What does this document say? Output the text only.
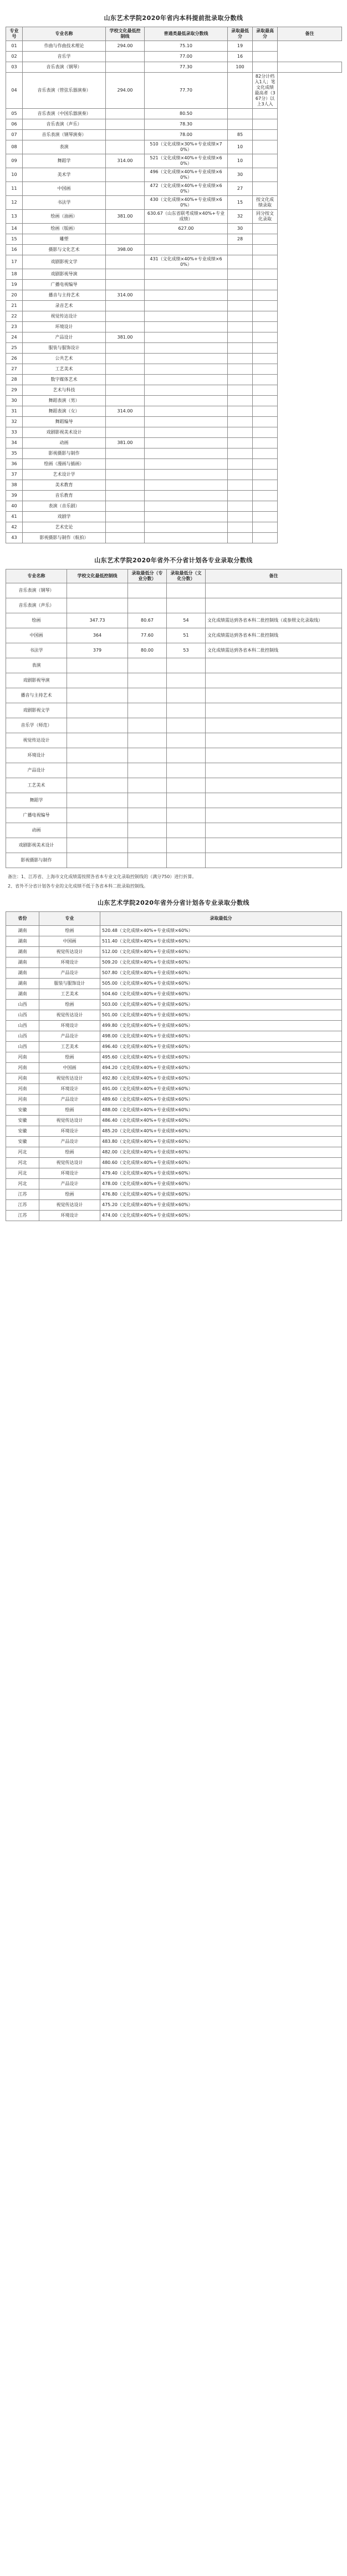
山东艺术学院2020年省内本科提前批录取分数线
专业号	专业名称	学校文化最低控制线	普通类最低录取分数线	录取最低分	录取最高分	备注
01	作曲与作曲技术理论	294.00	75.10	19		
02	音乐学		77.00	16		
03	音乐表演（钢琴）		77.30	100		
04	音乐表演（管弦乐器演奏）	294.00	77.70		82分计档入1人；笔文化成绩最高者（367分）以上3人入	
05	音乐表演（中国乐器演奏）		80.50			
06	音乐表演（声乐）		78.30			
07	音乐表演（钢琴演奏）		78.00	85		
08	表演		510（文化成绩×30%+专业成绩×70%）	10		
09	舞蹈学	314.00	521（文化成绩×40%+专业成绩×60%）	10		
10	美术学		496（文化成绩×40%+专业成绩×60%）	30		
11	中国画		472（文化成绩×40%+专业成绩×60%）	27		
12	书法学		430（文化成绩×40%+专业成绩×60%）	15	按文化成绩录取	
13	绘画（油画）	381.00	630.67（山东省联考成绩×40%+专业成绩）	32	同分按文化录取	
14	绘画（版画）		627.00	30		
15	雕塑			28		
16	摄影与文化艺术	398.00				
17	戏剧影视文学		431（文化成绩×40%+专业成绩×60%）			
18	戏剧影视导演					
19	广播电视编导					
20	播音与主持艺术	314.00				
21	录音艺术					
22	视觉传达设计					
23	环境设计					
24	产品设计	381.00				
25	服装与服饰设计					
26	公共艺术					
27	工艺美术					
28	数字媒体艺术					
29	艺术与科技					
30	舞蹈表演（男）					
31	舞蹈表演（女）	314.00				
32	舞蹈编导					
33	戏剧影视美术设计					
34	动画	381.00				
35	影视摄影与制作					
36	绘画（漫画与插画）					
37	艺术设计学					
38	美术教育					
39	音乐教育					
40	表演（音乐剧）					
41	戏剧学					
42	艺术史论					
43	影视摄影与制作（航拍）					
山东艺术学院2020年省外不分省计划各专业录取分数线
专业名称	学校文化最低控制线	录取最低分（专业分数）	录取最低分（文化分数）	备注
音乐表演（钢琴）				
音乐表演（声乐）				
绘画	347.73	80.67	54	文化成绩需达到各省本科二批控制线（或参照文化录取线）
中国画	364	77.60	51	文化成绩需达到各省本科二批控制线
书法学	379	80.00	53	文化成绩需达到各省本科二批控制线
表演				
戏剧影视导演				
播音与主持艺术				
戏剧影视文学				
音乐学（师范）				
视觉传达设计				
环境设计				
产品设计				
工艺美术				
舞蹈学				
广播电视编导				
动画				
戏剧影视美术设计				
影视摄影与制作				

备注：1、江苏省、上海市文化成绩需按照各省本专业文化录取控制线的（满分750）进行折算。

2、省外不分省计划各专业的文化成绩不低于各省本科二批录取控制线。

山东艺术学院2020年省外分省计划各专业录取分数线
省份	专业	录取最低分
湖南	绘画	520.48（文化成绩×40%+专业成绩×60%）
湖南	中国画	511.40（文化成绩×40%+专业成绩×60%）
湖南	视觉传达设计	512.00（文化成绩×40%+专业成绩×60%）
湖南	环境设计	509.20（文化成绩×40%+专业成绩×60%）
湖南	产品设计	507.80（文化成绩×40%+专业成绩×60%）
湖南	服装与服饰设计	505.00（文化成绩×40%+专业成绩×60%）
湖南	工艺美术	504.60（文化成绩×40%+专业成绩×60%）
山西	绘画	503.00（文化成绩×40%+专业成绩×60%）
山西	视觉传达设计	501.00（文化成绩×40%+专业成绩×60%）
山西	环境设计	499.80（文化成绩×40%+专业成绩×60%）
山西	产品设计	498.00（文化成绩×40%+专业成绩×60%）
山西	工艺美术	496.40（文化成绩×40%+专业成绩×60%）
河南	绘画	495.60（文化成绩×40%+专业成绩×60%）
河南	中国画	494.20（文化成绩×40%+专业成绩×60%）
河南	视觉传达设计	492.80（文化成绩×40%+专业成绩×60%）
河南	环境设计	491.00（文化成绩×40%+专业成绩×60%）
河南	产品设计	489.60（文化成绩×40%+专业成绩×60%）
安徽	绘画	488.00（文化成绩×40%+专业成绩×60%）
安徽	视觉传达设计	486.40（文化成绩×40%+专业成绩×60%）
安徽	环境设计	485.20（文化成绩×40%+专业成绩×60%）
安徽	产品设计	483.80（文化成绩×40%+专业成绩×60%）
河北	绘画	482.00（文化成绩×40%+专业成绩×60%）
河北	视觉传达设计	480.60（文化成绩×40%+专业成绩×60%）
河北	环境设计	479.40（文化成绩×40%+专业成绩×60%）
河北	产品设计	478.00（文化成绩×40%+专业成绩×60%）
江苏	绘画	476.80（文化成绩×40%+专业成绩×60%）
江苏	视觉传达设计	475.20（文化成绩×40%+专业成绩×60%）
江苏	环境设计	474.00（文化成绩×40%+专业成绩×60%）
